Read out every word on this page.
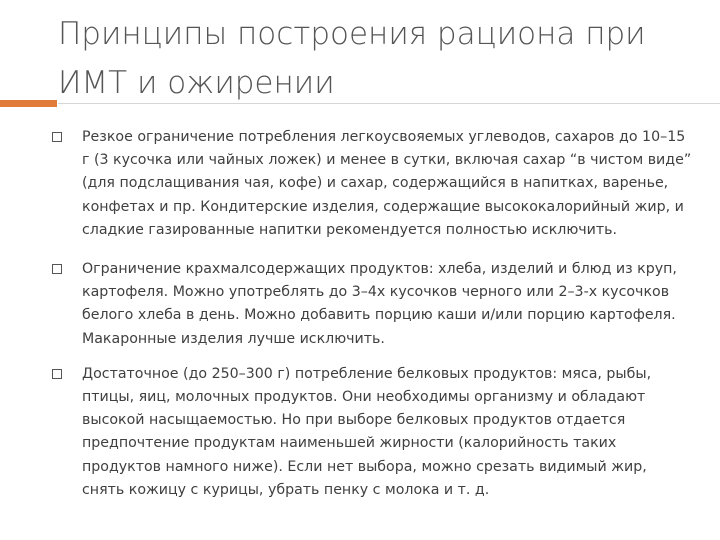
Принципы построения рациона при
ИМТ и ожирении
Резкое ограничение потребления легкоусвояемых углеводов, сахаров до 10–15 г (3 кусочка или чайных ложек) и менее в сутки, включая сахар “в чистом виде” (для подслащивания чая, кофе) и сахар, содержащийся в напитках, варенье, конфетах и пр. Кондитерские изделия, содержащие высококалорийный жир, и сладкие газированные напитки рекомендуется полностью исключить.
Ограничение крахмалсодержащих продуктов: хлеба, изделий и блюд из круп, картофеля. Можно употреблять до 3–4х кусочков черного или 2–3-х кусочков белого хлеба в день. Можно добавить порцию каши и/или порцию картофеля. Макаронные изделия лучше исключить.
Достаточное (до 250–300 г) потребление белковых продуктов: мяса, рыбы, птицы, яиц, молочных продуктов. Они необходимы организму и обладают высокой насыщаемостью. Но при выборе белковых продуктов отдается предпочтение продуктам наименьшей жирности (калорийность таких продуктов намного ниже). Если нет выбора, можно срезать видимый жир, снять кожицу с курицы, убрать пенку с молока и т. д.
